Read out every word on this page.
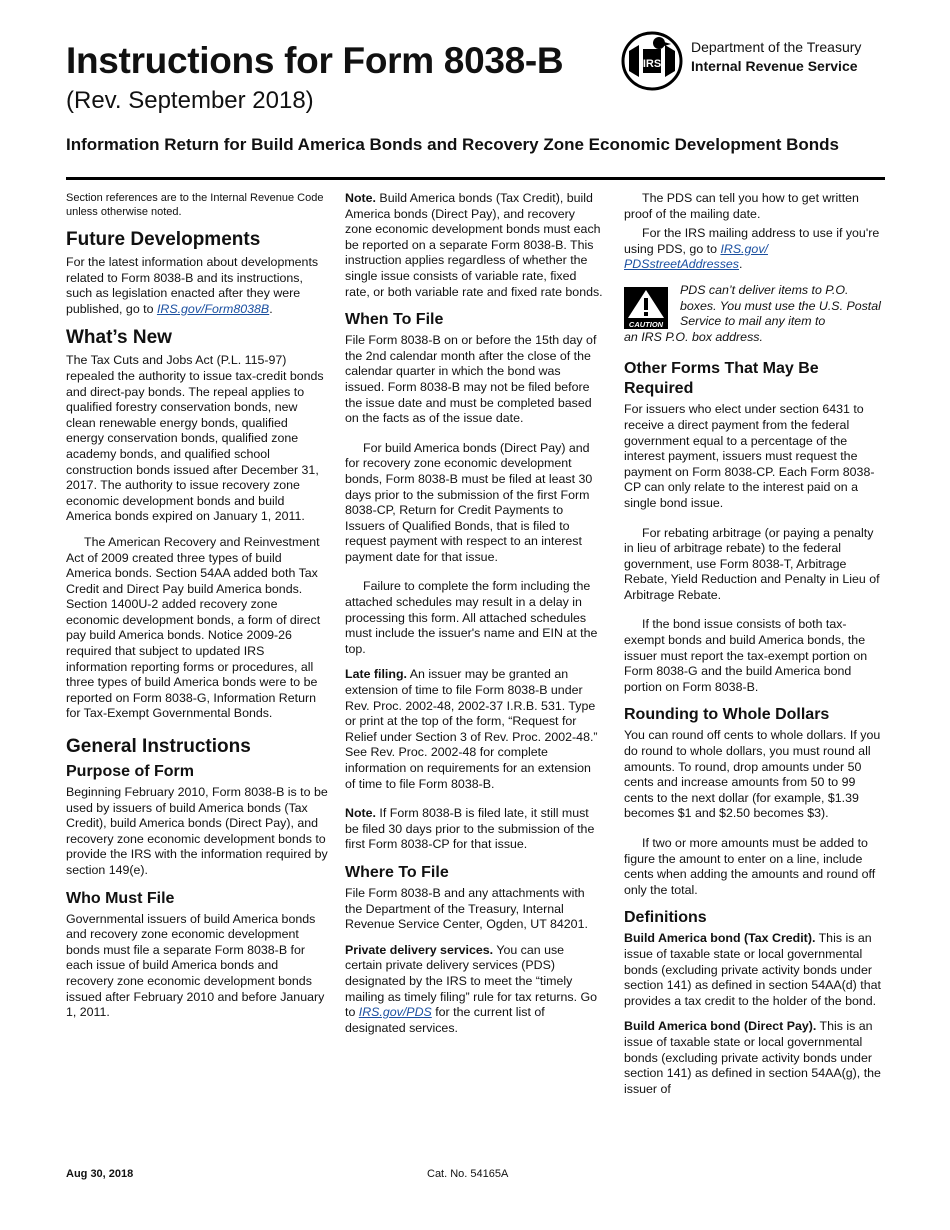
Instructions for Form 8038-B
(Rev. September 2018)
IRS
Department of the Treasury
Internal Revenue Service
Information Return for Build America Bonds and Recovery Zone Economic Development Bonds

Section references are to the Internal Revenue Code unless otherwise noted.

Future Developments

For the latest information about developments related to Form 8038-B and its instructions, such as legislation enacted after they were published, go to IRS.gov/Form8038B.

What’s New

The Tax Cuts and Jobs Act (P.L. 115-97) repealed the authority to issue tax-credit bonds and direct-pay bonds. The repeal applies to qualified forestry conservation bonds, new clean renewable energy bonds, qualified energy conservation bonds, qualified zone academy bonds, and qualified school construction bonds issued after December 31, 2017. The authority to issue recovery zone economic development bonds and build America bonds expired on January 1, 2011.

The American Recovery and Reinvestment Act of 2009 created three types of build America bonds. Section 54AA added both Tax Credit and Direct Pay build America bonds. Section 1400U-2 added recovery zone economic development bonds, a form of direct pay build America bonds. Notice 2009-26 required that subject to updated IRS information reporting forms or procedures, all three types of build America bonds were to be reported on Form 8038-G, Information Return for Tax-Exempt Governmental Bonds.

General Instructions
Purpose of Form

Beginning February 2010, Form 8038-B is to be used by issuers of build America bonds (Tax Credit), build America bonds (Direct Pay), and recovery zone economic development bonds to provide the IRS with the information required by section 149(e).

Who Must File

Governmental issuers of build America bonds and recovery zone economic development bonds must file a separate Form 8038-B for each issue of build America bonds and recovery zone economic development bonds issued after February 2010 and before January 1, 2011.

Note. Build America bonds (Tax Credit), build America bonds (Direct Pay), and recovery zone economic development bonds must each be reported on a separate Form 8038-B. This instruction applies regardless of whether the single issue consists of variable rate, fixed rate, or both variable rate and fixed rate bonds.

When To File

File Form 8038-B on or before the 15th day of the 2nd calendar month after the close of the calendar quarter in which the bond was issued. Form 8038-B may not be filed before the issue date and must be completed based on the facts as of the issue date.

For build America bonds (Direct Pay) and for recovery zone economic development bonds, Form 8038-B must be filed at least 30 days prior to the submission of the first Form 8038-CP, Return for Credit Payments to Issuers of Qualified Bonds, that is filed to request payment with respect to an interest payment date for that issue.

Failure to complete the form including the attached schedules may result in a delay in processing this form. All attached schedules must include the issuer's name and EIN at the top.

Late filing. An issuer may be granted an extension of time to file Form 8038-B under Rev. Proc. 2002-48, 2002-37 I.R.B. 531. Type or print at the top of the form, “Request for Relief under Section 3 of Rev. Proc. 2002-48.” See Rev. Proc. 2002-48 for complete information on requirements for an extension of time to file Form 8038-B.

Note. If Form 8038-B is filed late, it still must be filed 30 days prior to the submission of the first Form 8038-CP for that issue.

Where To File

File Form 8038-B and any attachments with the Department of the Treasury, Internal Revenue Service Center, Ogden, UT 84201.

Private delivery services. You can use certain private delivery services (PDS) designated by the IRS to meet the “timely mailing as timely filing” rule for tax returns. Go to IRS.gov/PDS for the current list of designated services.

The PDS can tell you how to get written proof of the mailing date.

For the IRS mailing address to use if you're using PDS, go to IRS.gov/ PDSstreetAddresses.

CAUTION
PDS can’t deliver items to P.O. boxes. You must use the U.S. Postal Service to mail any item to
an IRS P.O. box address.
Other Forms That May Be Required

For issuers who elect under section 6431 to receive a direct payment from the federal government equal to a percentage of the interest payment, issuers must request the payment on Form 8038-CP. Each Form 8038-CP can only relate to the interest paid on a single bond issue.

For rebating arbitrage (or paying a penalty in lieu of arbitrage rebate) to the federal government, use Form 8038-T, Arbitrage Rebate, Yield Reduction and Penalty in Lieu of Arbitrage Rebate.

If the bond issue consists of both tax-exempt bonds and build America bonds, the issuer must report the tax-exempt portion on Form 8038-G and the build America bond portion on Form 8038-B.

Rounding to Whole Dollars

You can round off cents to whole dollars. If you do round to whole dollars, you must round all amounts. To round, drop amounts under 50 cents and increase amounts from 50 to 99 cents to the next dollar (for example, $1.39 becomes $1 and $2.50 becomes $3).

If two or more amounts must be added to figure the amount to enter on a line, include cents when adding the amounts and round off only the total.

Definitions

Build America bond (Tax Credit). This is an issue of taxable state or local governmental bonds (excluding private activity bonds under section 141) as defined in section 54AA(d) that provides a tax credit to the holder of the bond.

Build America bond (Direct Pay). This is an issue of taxable state or local governmental bonds (excluding private activity bonds under section 141) as defined in section 54AA(g), the issuer of

Aug 30, 2018	Cat. No. 54165A
